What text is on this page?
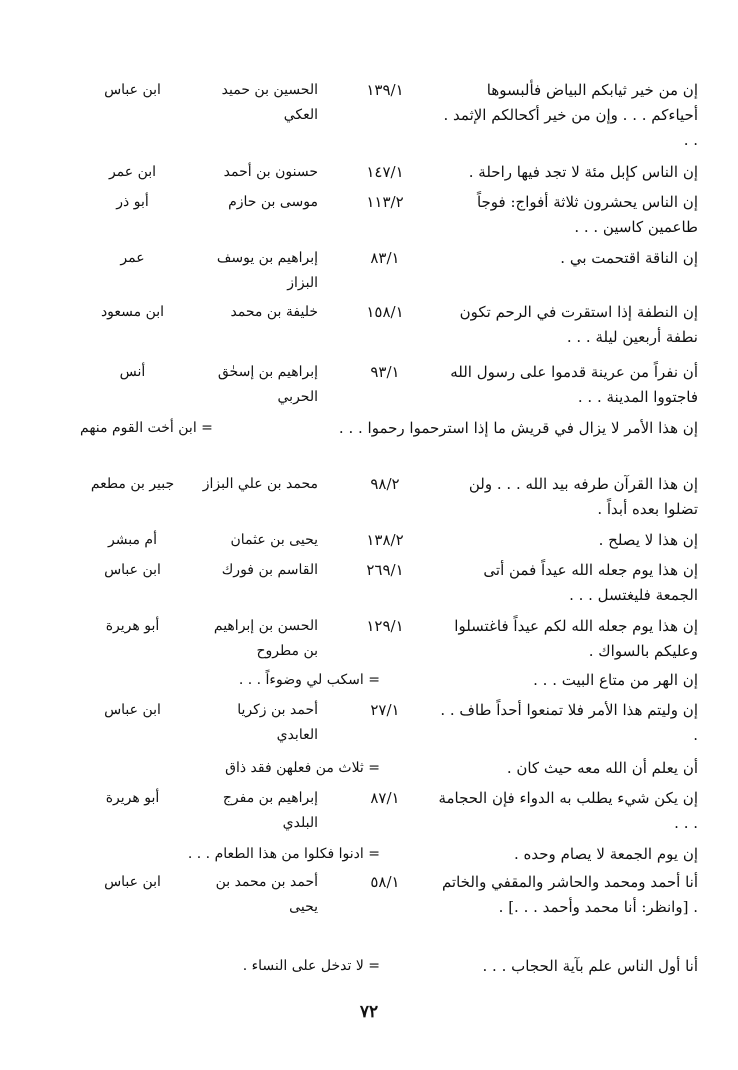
إن من خير ثيابكم البياض فألبسوها أحياءكم . . . وإن من خير أكحالكم الإثمد . . .
١٣٩/١
الحسين بن حميد العكي
ابن عباس
إن الناس كإبل مئة لا تجد فيها راحلة .
١٤٧/١
حسنون بن أحمد
ابن عمر
إن الناس يحشرون ثلاثة أفواج: فوجاً طاعمين كاسين . . .
١١٣/٢
موسى بن حازم
أبو ذر
إن الناقة اقتحمت بي .
٨٣/١
إبراهيم بن يوسف البزاز
عمر
إن النطفة إذا استقرت في الرحم تكون نطفة أربعين ليلة . . .
١٥٨/١
خليفة بن محمد
ابن مسعود
أن نفراً من عرينة قدموا على رسول الله فاجتووا المدينة . . .
٩٣/١
إبراهيم بن إسحٰق الحربي
أنس
إن هذا الأمر لا يزال في قريش ما إذا استرحموا رحموا . . .
= ابن أخت القوم منهم
إن هذا القرآن طرفه بيد الله . . . ولن تضلوا بعده أبداً .
٩٨/٢
محمد بن علي البزاز
جبير بن مطعم
إن هذا لا يصلح .
١٣٨/٢
يحيى بن عثمان
أم مبشر
إن هذا يوم جعله الله عيداً فمن أتى الجمعة فليغتسل . . .
٢٦٩/١
القاسم بن فورك
ابن عباس
إن هذا يوم جعله الله لكم عيداً فاغتسلوا وعليكم بالسواك .
١٢٩/١
الحسن بن إبراهيم بن مطروح
أبو هريرة
إن الهر من متاع البيت . . .
= اسكب لي وضوءاً . . .
إن وليتم هذا الأمر فلا تمنعوا أحداً طاف . . .
٢٧/١
أحمد بن زكريا العابدي
ابن عباس
أن يعلم أن الله معه حيث كان .
= ثلاث من فعلهن فقد ذاق
إن يكن شيء يطلب به الدواء فإن الحجامة . . .
٨٧/١
إبراهيم بن مفرج البلدي
أبو هريرة
إن يوم الجمعة لا يصام وحده .
= ادنوا فكلوا من هذا الطعام . . .
أنا أحمد ومحمد والحاشر والمقفي والخاتم . [وانظر: أنا محمد وأحمد . . .] .
٥٨/١
أحمد بن محمد بن يحيى
ابن عباس
أنا أول الناس علم بآية الحجاب . . .
= لا تدخل على النساء .
٧٢
